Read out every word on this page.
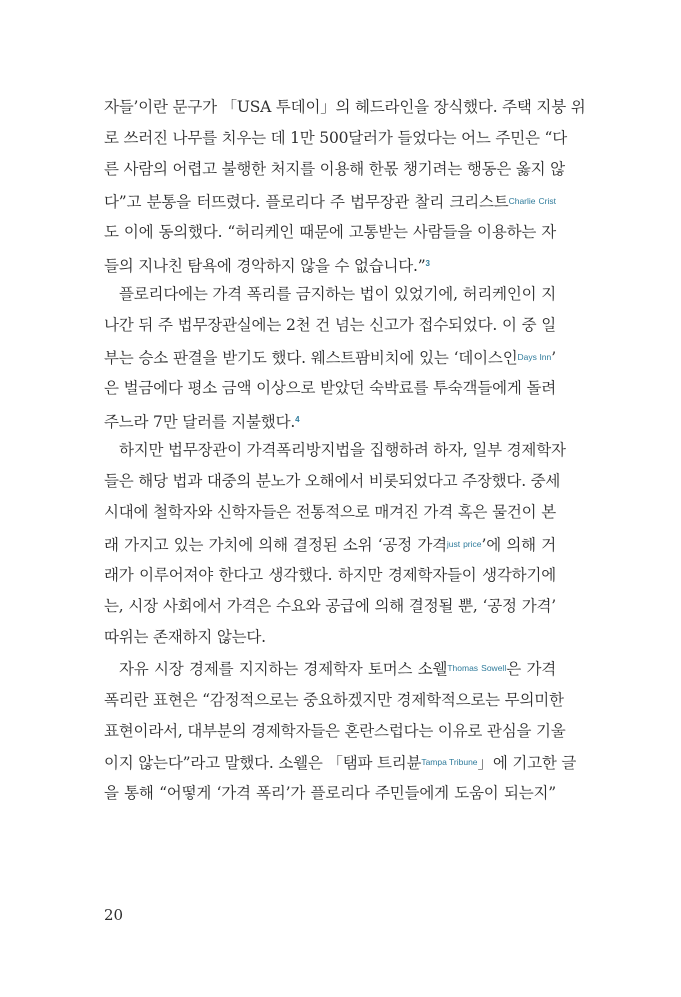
자들’이란 문구가 「USA 투데이」의 헤드라인을 장식했다. 주택 지붕 위
로 쓰러진 나무를 치우는 데 1만 500달러가 들었다는 어느 주민은 “다
른 사람의 어렵고 불행한 처지를 이용해 한몫 챙기려는 행동은 옳지 않
다”고 분통을 터뜨렸다. 플로리다 주 법무장관 찰리 크리스트Charlie Crist
도 이에 동의했다. “허리케인 때문에 고통받는 사람들을 이용하는 자
들의 지나친 탐욕에 경악하지 않을 수 없습니다.”$^3$
플로리다에는 가격 폭리를 금지하는 법이 있었기에, 허리케인이 지
나간 뒤 주 법무장관실에는 2천 건 넘는 신고가 접수되었다. 이 중 일
부는 승소 판결을 받기도 했다. 웨스트팜비치에 있는 ‘데이스인Days Inn’
은 벌금에다 평소 금액 이상으로 받았던 숙박료를 투숙객들에게 돌려
주느라 7만 달러를 지불했다.$^4$
하지만 법무장관이 가격폭리방지법을 집행하려 하자, 일부 경제학자
들은 해당 법과 대중의 분노가 오해에서 비롯되었다고 주장했다. 중세
시대에 철학자와 신학자들은 전통적으로 매겨진 가격 혹은 물건이 본
래 가지고 있는 가치에 의해 결정된 소위 ‘공정 가격just price’에 의해 거
래가 이루어져야 한다고 생각했다. 하지만 경제학자들이 생각하기에
는, 시장 사회에서 가격은 수요와 공급에 의해 결정될 뿐, ‘공정 가격’
따위는 존재하지 않는다.
자유 시장 경제를 지지하는 경제학자 토머스 소웰Thomas Sowell은 가격
폭리란 표현은 “감정적으로는 중요하겠지만 경제학적으로는 무의미한
표현이라서, 대부분의 경제학자들은 혼란스럽다는 이유로 관심을 기울
이지 않는다”라고 말했다. 소웰은 「탬파 트리뷴Tampa Tribune」에 기고한 글
을 통해 “어떻게 ‘가격 폭리’가 플로리다 주민들에게 도움이 되는지”
20
